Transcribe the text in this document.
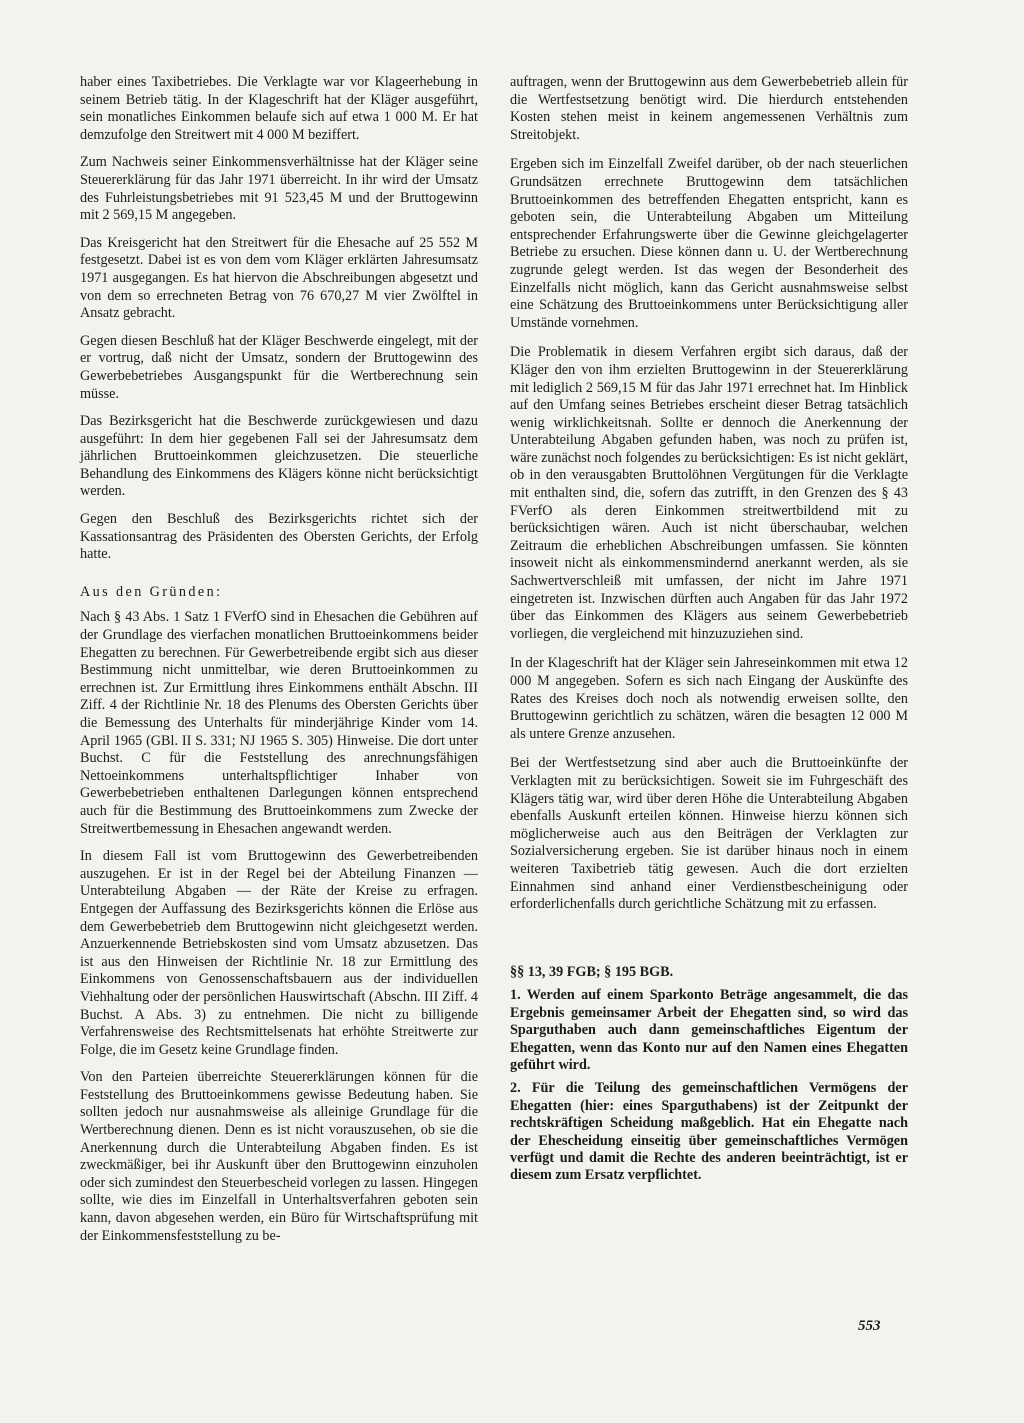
haber eines Taxibetriebes. Die Verklagte war vor Klageerhebung in seinem Betrieb tätig. In der Klageschrift hat der Kläger ausgeführt, sein monatliches Einkommen belaufe sich auf etwa 1 000 M. Er hat demzufolge den Streitwert mit 4 000 M beziffert.

Zum Nachweis seiner Einkommensverhältnisse hat der Kläger seine Steuererklärung für das Jahr 1971 überreicht. In ihr wird der Umsatz des Fuhrleistungsbetriebes mit 91 523,45 M und der Bruttogewinn mit 2 569,15 M angegeben.

Das Kreisgericht hat den Streitwert für die Ehesache auf 25 552 M festgesetzt. Dabei ist es von dem vom Kläger erklärten Jahresumsatz 1971 ausgegangen. Es hat hiervon die Abschreibungen abgesetzt und von dem so errechneten Betrag von 76 670,27 M vier Zwölftel in Ansatz gebracht.

Gegen diesen Beschluß hat der Kläger Beschwerde eingelegt, mit der er vortrug, daß nicht der Umsatz, sondern der Bruttogewinn des Gewerbebetriebes Ausgangspunkt für die Wertberechnung sein müsse.

Das Bezirksgericht hat die Beschwerde zurückgewiesen und dazu ausgeführt: In dem hier gegebenen Fall sei der Jahresumsatz dem jährlichen Bruttoeinkommen gleichzusetzen. Die steuerliche Behandlung des Einkommens des Klägers könne nicht berücksichtigt werden.

Gegen den Beschluß des Bezirksgerichts richtet sich der Kassationsantrag des Präsidenten des Obersten Gerichts, der Erfolg hatte.

Aus den Gründen:

Nach § 43 Abs. 1 Satz 1 FVerfO sind in Ehesachen die Gebühren auf der Grundlage des vierfachen monatlichen Bruttoeinkommens beider Ehegatten zu berechnen. Für Gewerbetreibende ergibt sich aus dieser Bestimmung nicht unmittelbar, wie deren Bruttoeinkommen zu errechnen ist. Zur Ermittlung ihres Einkommens enthält Abschn. III Ziff. 4 der Richtlinie Nr. 18 des Plenums des Obersten Gerichts über die Bemessung des Unterhalts für minderjährige Kinder vom 14. April 1965 (GBl. II S. 331; NJ 1965 S. 305) Hinweise. Die dort unter Buchst. C für die Feststellung des anrechnungsfähigen Nettoeinkommens unterhaltspflichtiger Inhaber von Gewerbebetrieben enthaltenen Darlegungen können entsprechend auch für die Bestimmung des Bruttoeinkommens zum Zwecke der Streitwertbemessung in Ehesachen angewandt werden.

In diesem Fall ist vom Bruttogewinn des Gewerbetreibenden auszugehen. Er ist in der Regel bei der Abteilung Finanzen — Unterabteilung Abgaben — der Räte der Kreise zu erfragen. Entgegen der Auffassung des Bezirksgerichts können die Erlöse aus dem Gewerbebetrieb dem Bruttogewinn nicht gleichgesetzt werden. Anzuerkennende Betriebskosten sind vom Umsatz abzusetzen. Das ist aus den Hinweisen der Richtlinie Nr. 18 zur Ermittlung des Einkommens von Genossenschaftsbauern aus der individuellen Viehhaltung oder der persönlichen Hauswirtschaft (Abschn. III Ziff. 4 Buchst. A Abs. 3) zu entnehmen. Die nicht zu billigende Verfahrensweise des Rechtsmittelsenats hat erhöhte Streitwerte zur Folge, die im Gesetz keine Grundlage finden.

Von den Parteien überreichte Steuererklärungen können für die Feststellung des Bruttoeinkommens gewisse Bedeutung haben. Sie sollten jedoch nur ausnahmsweise als alleinige Grundlage für die Wertberechnung dienen. Denn es ist nicht vorauszusehen, ob sie die Anerkennung durch die Unterabteilung Abgaben finden. Es ist zweckmäßiger, bei ihr Auskunft über den Bruttogewinn einzuholen oder sich zumindest den Steuerbescheid vorlegen zu lassen. Hingegen sollte, wie dies im Einzelfall in Unterhaltsverfahren geboten sein kann, davon abgesehen werden, ein Büro für Wirtschaftsprüfung mit der Einkommensfeststellung zu be-

auftragen, wenn der Bruttogewinn aus dem Gewerbebetrieb allein für die Wertfestsetzung benötigt wird. Die hierdurch entstehenden Kosten stehen meist in keinem angemessenen Verhältnis zum Streitobjekt.

Ergeben sich im Einzelfall Zweifel darüber, ob der nach steuerlichen Grundsätzen errechnete Bruttogewinn dem tatsächlichen Bruttoeinkommen des betreffenden Ehegatten entspricht, kann es geboten sein, die Unterabteilung Abgaben um Mitteilung entsprechender Erfahrungswerte über die Gewinne gleichgelagerter Betriebe zu ersuchen. Diese können dann u. U. der Wertberechnung zugrunde gelegt werden. Ist das wegen der Besonderheit des Einzelfalls nicht möglich, kann das Gericht ausnahmsweise selbst eine Schätzung des Bruttoeinkommens unter Berücksichtigung aller Umstände vornehmen.

Die Problematik in diesem Verfahren ergibt sich daraus, daß der Kläger den von ihm erzielten Bruttogewinn in der Steuererklärung mit lediglich 2 569,15 M für das Jahr 1971 errechnet hat. Im Hinblick auf den Umfang seines Betriebes erscheint dieser Betrag tatsächlich wenig wirklichkeitsnah. Sollte er dennoch die Anerkennung der Unterabteilung Abgaben gefunden haben, was noch zu prüfen ist, wäre zunächst noch folgendes zu berücksichtigen: Es ist nicht geklärt, ob in den verausgabten Bruttolöhnen Vergütungen für die Verklagte mit enthalten sind, die, sofern das zutrifft, in den Grenzen des § 43 FVerfO als deren Einkommen streitwertbildend mit zu berücksichtigen wären. Auch ist nicht überschaubar, welchen Zeitraum die erheblichen Abschreibungen umfassen. Sie könnten insoweit nicht als einkommensmindernd anerkannt werden, als sie Sachwertverschleiß mit umfassen, der nicht im Jahre 1971 eingetreten ist. Inzwischen dürften auch Angaben für das Jahr 1972 über das Einkommen des Klägers aus seinem Gewerbebetrieb vorliegen, die vergleichend mit hinzuzuziehen sind.

In der Klageschrift hat der Kläger sein Jahreseinkommen mit etwa 12 000 M angegeben. Sofern es sich nach Eingang der Auskünfte des Rates des Kreises doch noch als notwendig erweisen sollte, den Bruttogewinn gerichtlich zu schätzen, wären die besagten 12 000 M als untere Grenze anzusehen.

Bei der Wertfestsetzung sind aber auch die Bruttoeinkünfte der Verklagten mit zu berücksichtigen. Soweit sie im Fuhrgeschäft des Klägers tätig war, wird über deren Höhe die Unterabteilung Abgaben ebenfalls Auskunft erteilen können. Hinweise hierzu können sich möglicherweise auch aus den Beiträgen der Verklagten zur Sozialversicherung ergeben. Sie ist darüber hinaus noch in einem weiteren Taxibetrieb tätig gewesen. Auch die dort erzielten Einnahmen sind anhand einer Verdienstbescheinigung oder erforderlichenfalls durch gerichtliche Schätzung mit zu erfassen.

§§ 13, 39 FGB; § 195 BGB.
1. Werden auf einem Sparkonto Beträge angesammelt, die das Ergebnis gemeinsamer Arbeit der Ehegatten sind, so wird das Sparguthaben auch dann gemeinschaftliches Eigentum der Ehegatten, wenn das Konto nur auf den Namen eines Ehegatten geführt wird.
2. Für die Teilung des gemeinschaftlichen Vermögens der Ehegatten (hier: eines Sparguthabens) ist der Zeitpunkt der rechtskräftigen Scheidung maßgeblich. Hat ein Ehegatte nach der Ehescheidung einseitig über gemeinschaftliches Vermögen verfügt und damit die Rechte des anderen beeinträchtigt, ist er diesem zum Ersatz verpflichtet.
553
